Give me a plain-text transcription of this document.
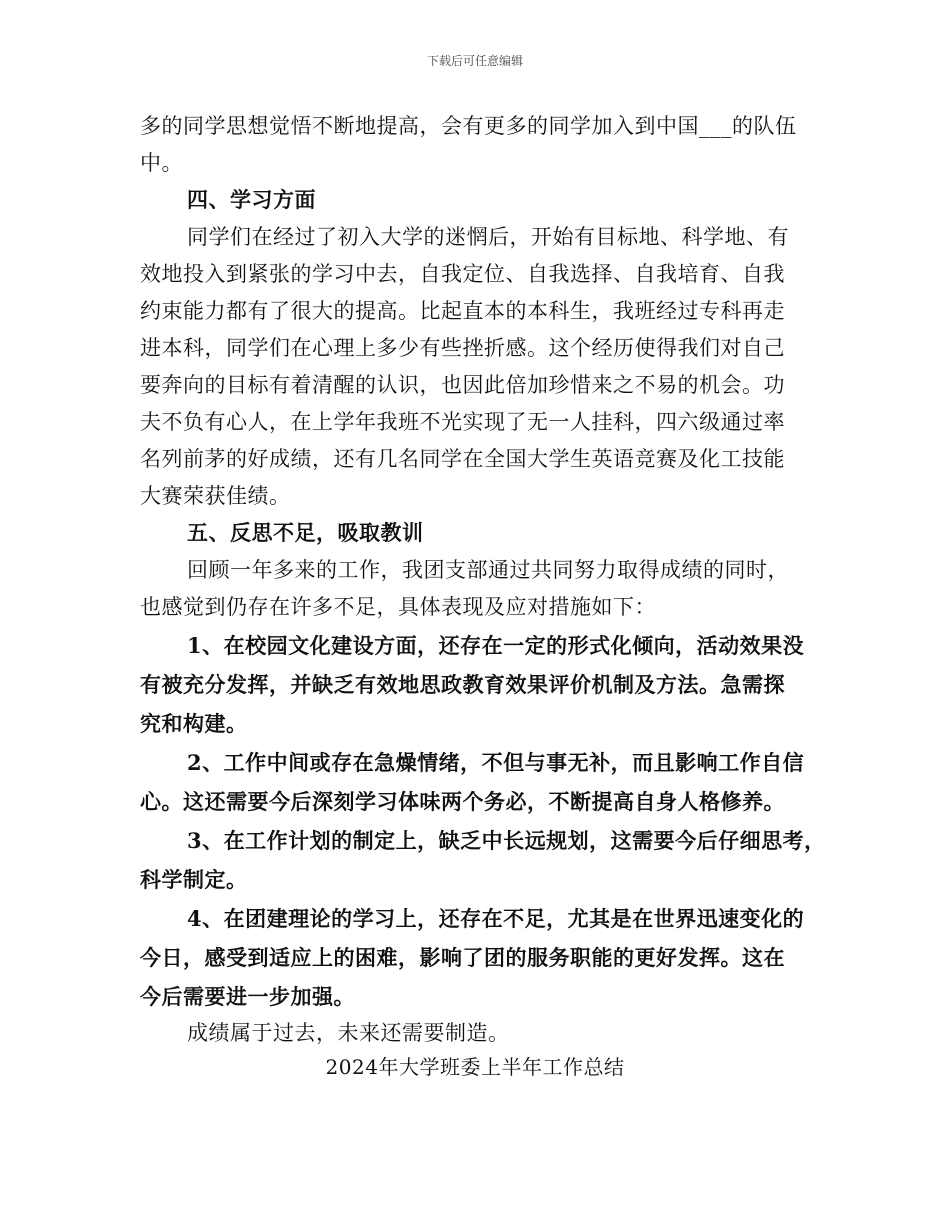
下载后可任意编辑
多的同学思想觉悟不断地提高，会有更多的同学加入到中国___的队伍
中。
四、学习方面
同学们在经过了初入大学的迷惘后，开始有目标地、科学地、有
效地投入到紧张的学习中去，自我定位、自我选择、自我培育、自我
约束能力都有了很大的提高。比起直本的本科生，我班经过专科再走
进本科，同学们在心理上多少有些挫折感。这个经历使得我们对自己
要奔向的目标有着清醒的认识，也因此倍加珍惜来之不易的机会。功
夫不负有心人，在上学年我班不光实现了无一人挂科，四六级通过率
名列前茅的好成绩，还有几名同学在全国大学生英语竞赛及化工技能
大赛荣获佳绩。
五、反思不足，吸取教训
回顾一年多来的工作，我团支部通过共同努力取得成绩的同时，
也感觉到仍存在许多不足，具体表现及应对措施如下：
1、在校园文化建设方面，还存在一定的形式化倾向，活动效果没
有被充分发挥，并缺乏有效地思政教育效果评价机制及方法。急需探
究和构建。
2、工作中间或存在急燥情绪，不但与事无补，而且影响工作自信
心。这还需要今后深刻学习体味两个务必，不断提高自身人格修养。
3、在工作计划的制定上，缺乏中长远规划，这需要今后仔细思考，
科学制定。
4、在团建理论的学习上，还存在不足，尤其是在世界迅速变化的
今日，感受到适应上的困难，影响了团的服务职能的更好发挥。这在
今后需要进一步加强。
成绩属于过去，未来还需要制造。
2024年大学班委上半年工作总结
